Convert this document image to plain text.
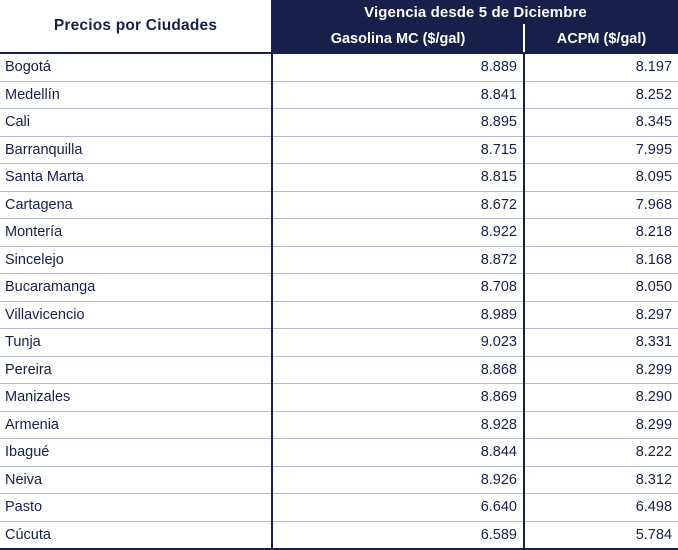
Precios por Ciudades	Vigencia desde 5 de Diciembre	
	Gasolina MC ($/gal)	ACPM ($/gal)
Bogotá	8.889	8.197
Medellín	8.841	8.252
Cali	8.895	8.345
Barranquilla	8.715	7.995
Santa Marta	8.815	8.095
Cartagena	8.672	7.968
Montería	8.922	8.218
Sincelejo	8.872	8.168
Bucaramanga	8.708	8.050
Villavicencio	8.989	8.297
Tunja	9.023	8.331
Pereira	8.868	8.299
Manizales	8.869	8.290
Armenia	8.928	8.299
Ibagué	8.844	8.222
Neiva	8.926	8.312
Pasto	6.640	6.498
Cúcuta	6.589	5.784
